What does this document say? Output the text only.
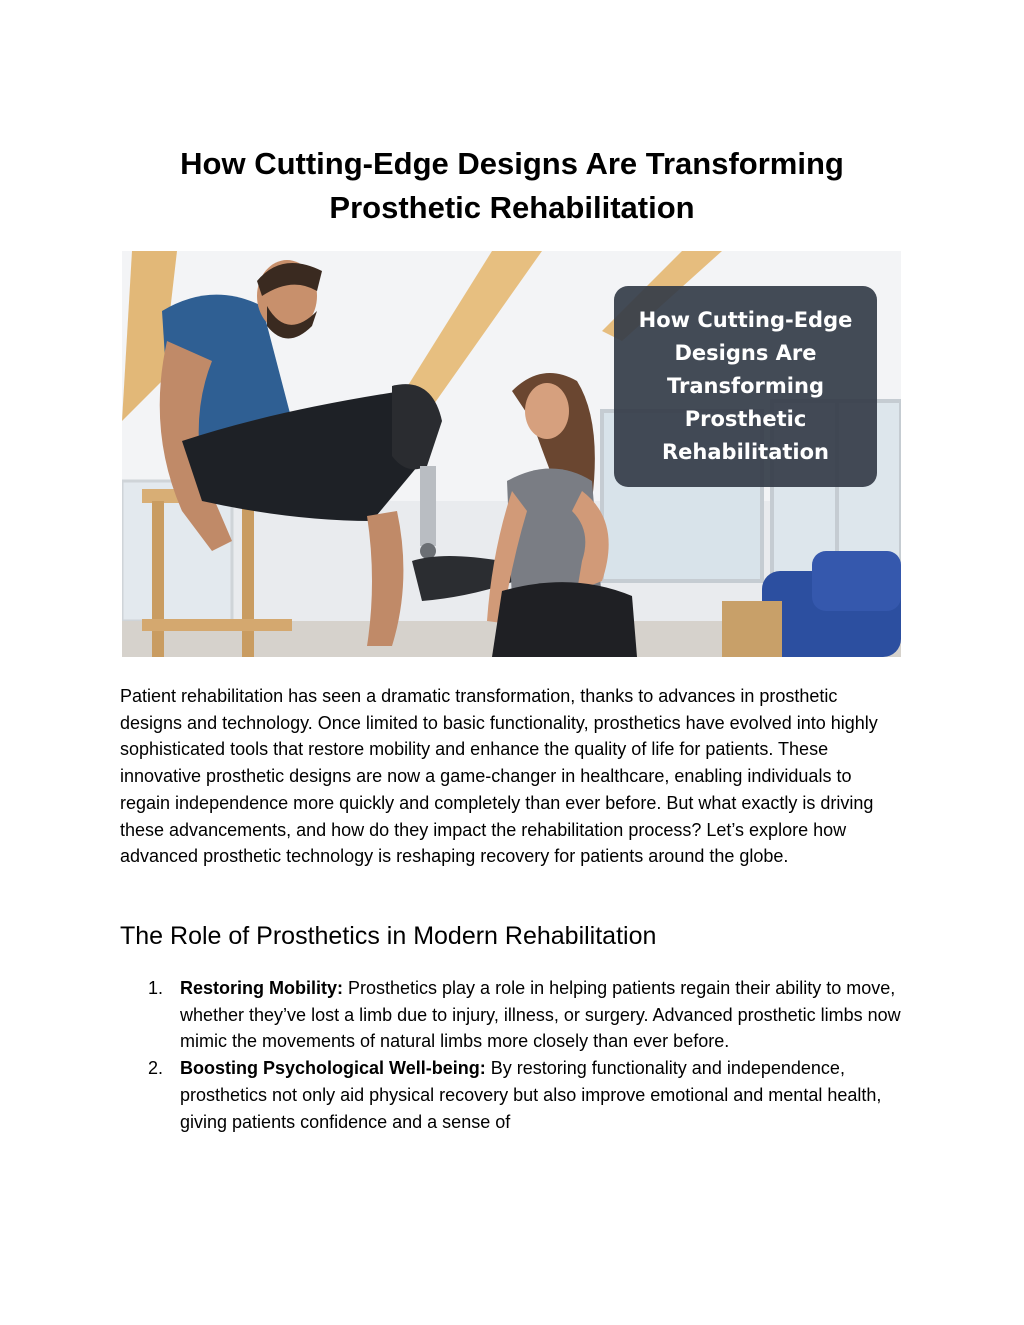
How Cutting-Edge Designs Are Transforming Prosthetic Rehabilitation
How Cutting-Edge Designs Are Transforming Prosthetic Rehabilitation

Patient rehabilitation has seen a dramatic transformation, thanks to advances in prosthetic designs and technology. Once limited to basic functionality, prosthetics have evolved into highly sophisticated tools that restore mobility and enhance the quality of life for patients. These innovative prosthetic designs are now a game-changer in healthcare, enabling individuals to regain independence more quickly and completely than ever before. But what exactly is driving these advancements, and how do they impact the rehabilitation process? Let’s explore how advanced prosthetic technology is reshaping recovery for patients around the globe.

The Role of Prosthetics in Modern Rehabilitation
1. Restoring Mobility: Prosthetics play a role in helping patients regain their ability to move, whether they’ve lost a limb due to injury, illness, or surgery. Advanced prosthetic limbs now mimic the movements of natural limbs more closely than ever before.
2. Boosting Psychological Well-being: By restoring functionality and independence, prosthetics not only aid physical recovery but also improve emotional and mental health, giving patients confidence and a sense of
